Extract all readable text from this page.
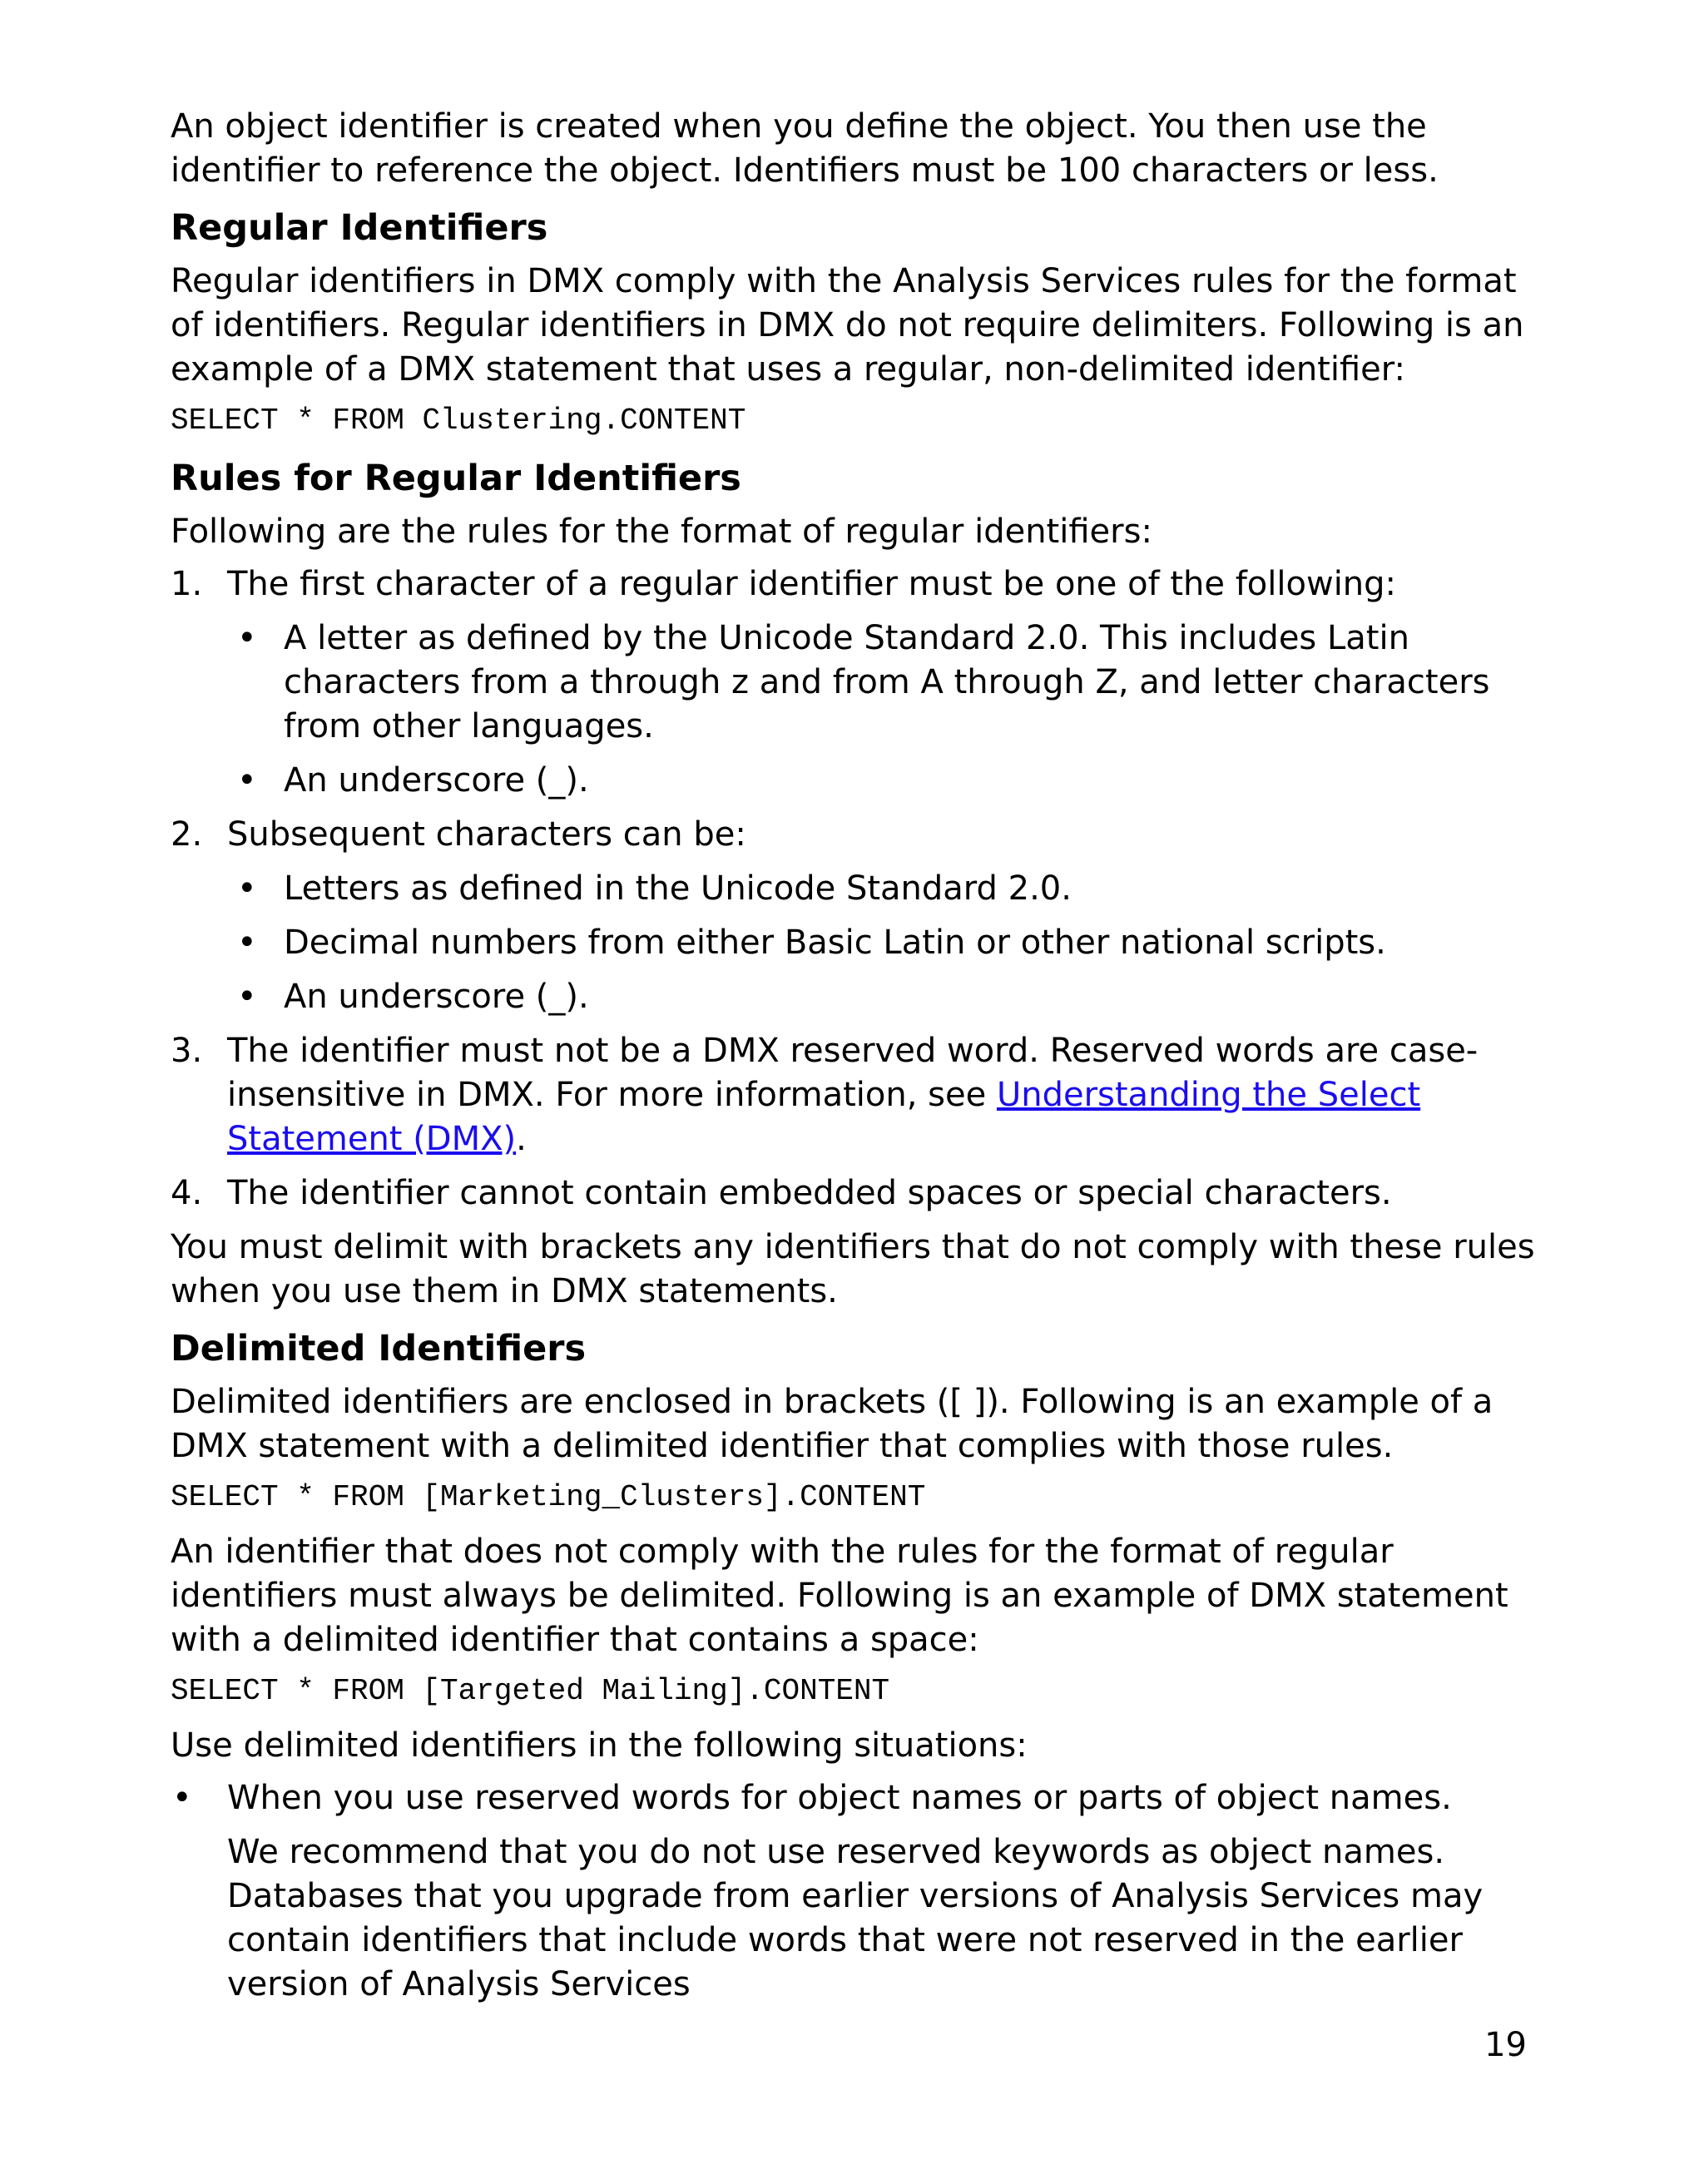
An object identifier is created when you define the object. You then use the identifier to reference the object. Identifiers must be 100 characters or less.

Regular Identifiers

Regular identifiers in DMX comply with the Analysis Services rules for the format of identifiers. Regular identifiers in DMX do not require delimiters. Following is an example of a DMX statement that uses a regular, non-delimited identifier:

SELECT * FROM Clustering.CONTENT
Rules for Regular Identifiers

Following are the rules for the format of regular identifiers:

1. The first character of a regular identifier must be one of the following:
• A letter as defined by the Unicode Standard 2.0. This includes Latin characters from a through z and from A through Z, and letter characters from other languages.
• An underscore (_).
2. Subsequent characters can be:
• Letters as defined in the Unicode Standard 2.0.
• Decimal numbers from either Basic Latin or other national scripts.
• An underscore (_).
3. The identifier must not be a DMX reserved word. Reserved words are case-insensitive in DMX. For more information, see Understanding the Select Statement (DMX).
4. The identifier cannot contain embedded spaces or special characters.

You must delimit with brackets any identifiers that do not comply with these rules when you use them in DMX statements.

Delimited Identifiers

Delimited identifiers are enclosed in brackets ([ ]). Following is an example of a DMX statement with a delimited identifier that complies with those rules.

SELECT * FROM [Marketing_Clusters].CONTENT

An identifier that does not comply with the rules for the format of regular identifiers must always be delimited. Following is an example of DMX statement with a delimited identifier that contains a space:

SELECT * FROM [Targeted Mailing].CONTENT

Use delimited identifiers in the following situations:

• When you use reserved words for object names or parts of object names.

We recommend that you do not use reserved keywords as object names. Databases that you upgrade from earlier versions of Analysis Services may contain identifiers that include words that were not reserved in the earlier version of Analysis Services

19
